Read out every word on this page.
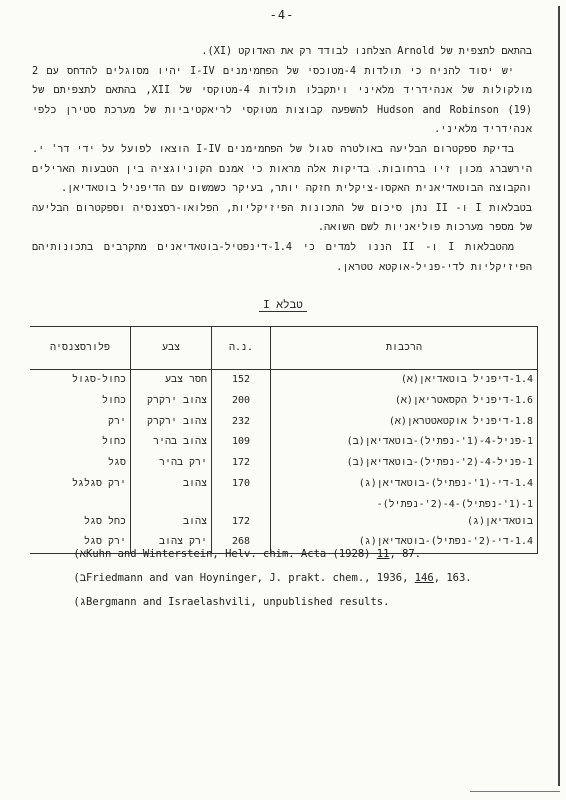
-4-

בהתאם לתצפית של Arnold הצלחנו לבודד רק את האדוקט (XI).

יש יסוד להניח כי תולדות 4-מטוכסי של הפחמימנים I-IV יהיו מסוגלים להדחס עם 2 מולקולות של אנהידריד מלאיני ויתקבלו תולדות 4-מטוקסי של XII, בהתאם לתצפיתם של Hudson and Robinson (19) להשפעה קבוצות מטוקסי לריאקטיביות של מערכת סטירן כלפי אנהידריד מלאיני.

בדיקת ספקטרום הבליעה באולטרה סגול של הפחמימנים I-IV הוצאו לפועל על ידי דר' י. הירשברג מכון זיו ברחובות. בדיקות אלה מראות כי אמנם הקוניוגציה בין הטבעות הארילים והקבוצה הבוטאדיאנית האקסו-ציקלית חזקה יותר, בעיקר כשמשום עם הדיפניל בוטאדיאן.

בטבלאות I ו- II נתן סיכום של התכונות הפיזיקליות, הפלואו-רסצנסיה וספקטרום הבליעה של מספר מערכות פוליאניות לשם השואה.

מהטבלאות I ו- II הננו למדים כי 1.4-דינפטיל-בוטאדיאנים מתקרבים בתכונותיהם הפיזיקליות לדי-פניל-אוקטא טטראן.

טבלא I
הרכבות	נ.ה.	צבע	פלורסצנסיה

1.4-דיפניל בוטאדיאן(א)	152	חסר צבע	כחול-סגול

1.6-דיפניל הקסאטריאן(א)	200	צהוב ירקרק	כחול

1.8-דיפניל אוקטאטטראן(א)	232	צהוב ירקרק	ירק

1-פניל-4-(1'-נפתיל)-בוטאדיאן(ב)	109	צהוב בהיר	כחול

1-פניל-4-(2'-נפתיל)-בוטאדיאן(ב)	172	ירק בהיר	סגל

1.4-די-(1'-נפתיל)-בוטאדיאן(ג)	170	צהוב	ירק סגלגל

1-(1'-נפתיל)-4-(2'-נפתיל)-
בוטאדיאן(ג)	172	צהוב	כחל סגל

1.4-די-(2'-נפתיל)-בוטאדיאן(ג)	268	ירק צהוב	ירק סגל
א)Kuhn and Winterstein, Helv. chim. Acta (1928) 11, 87.
ב)Friedmann and van Hoyninger, J. prakt. chem., 1936, 146, 163.
ג)Bergmann and Israelashvili, unpublished results.
